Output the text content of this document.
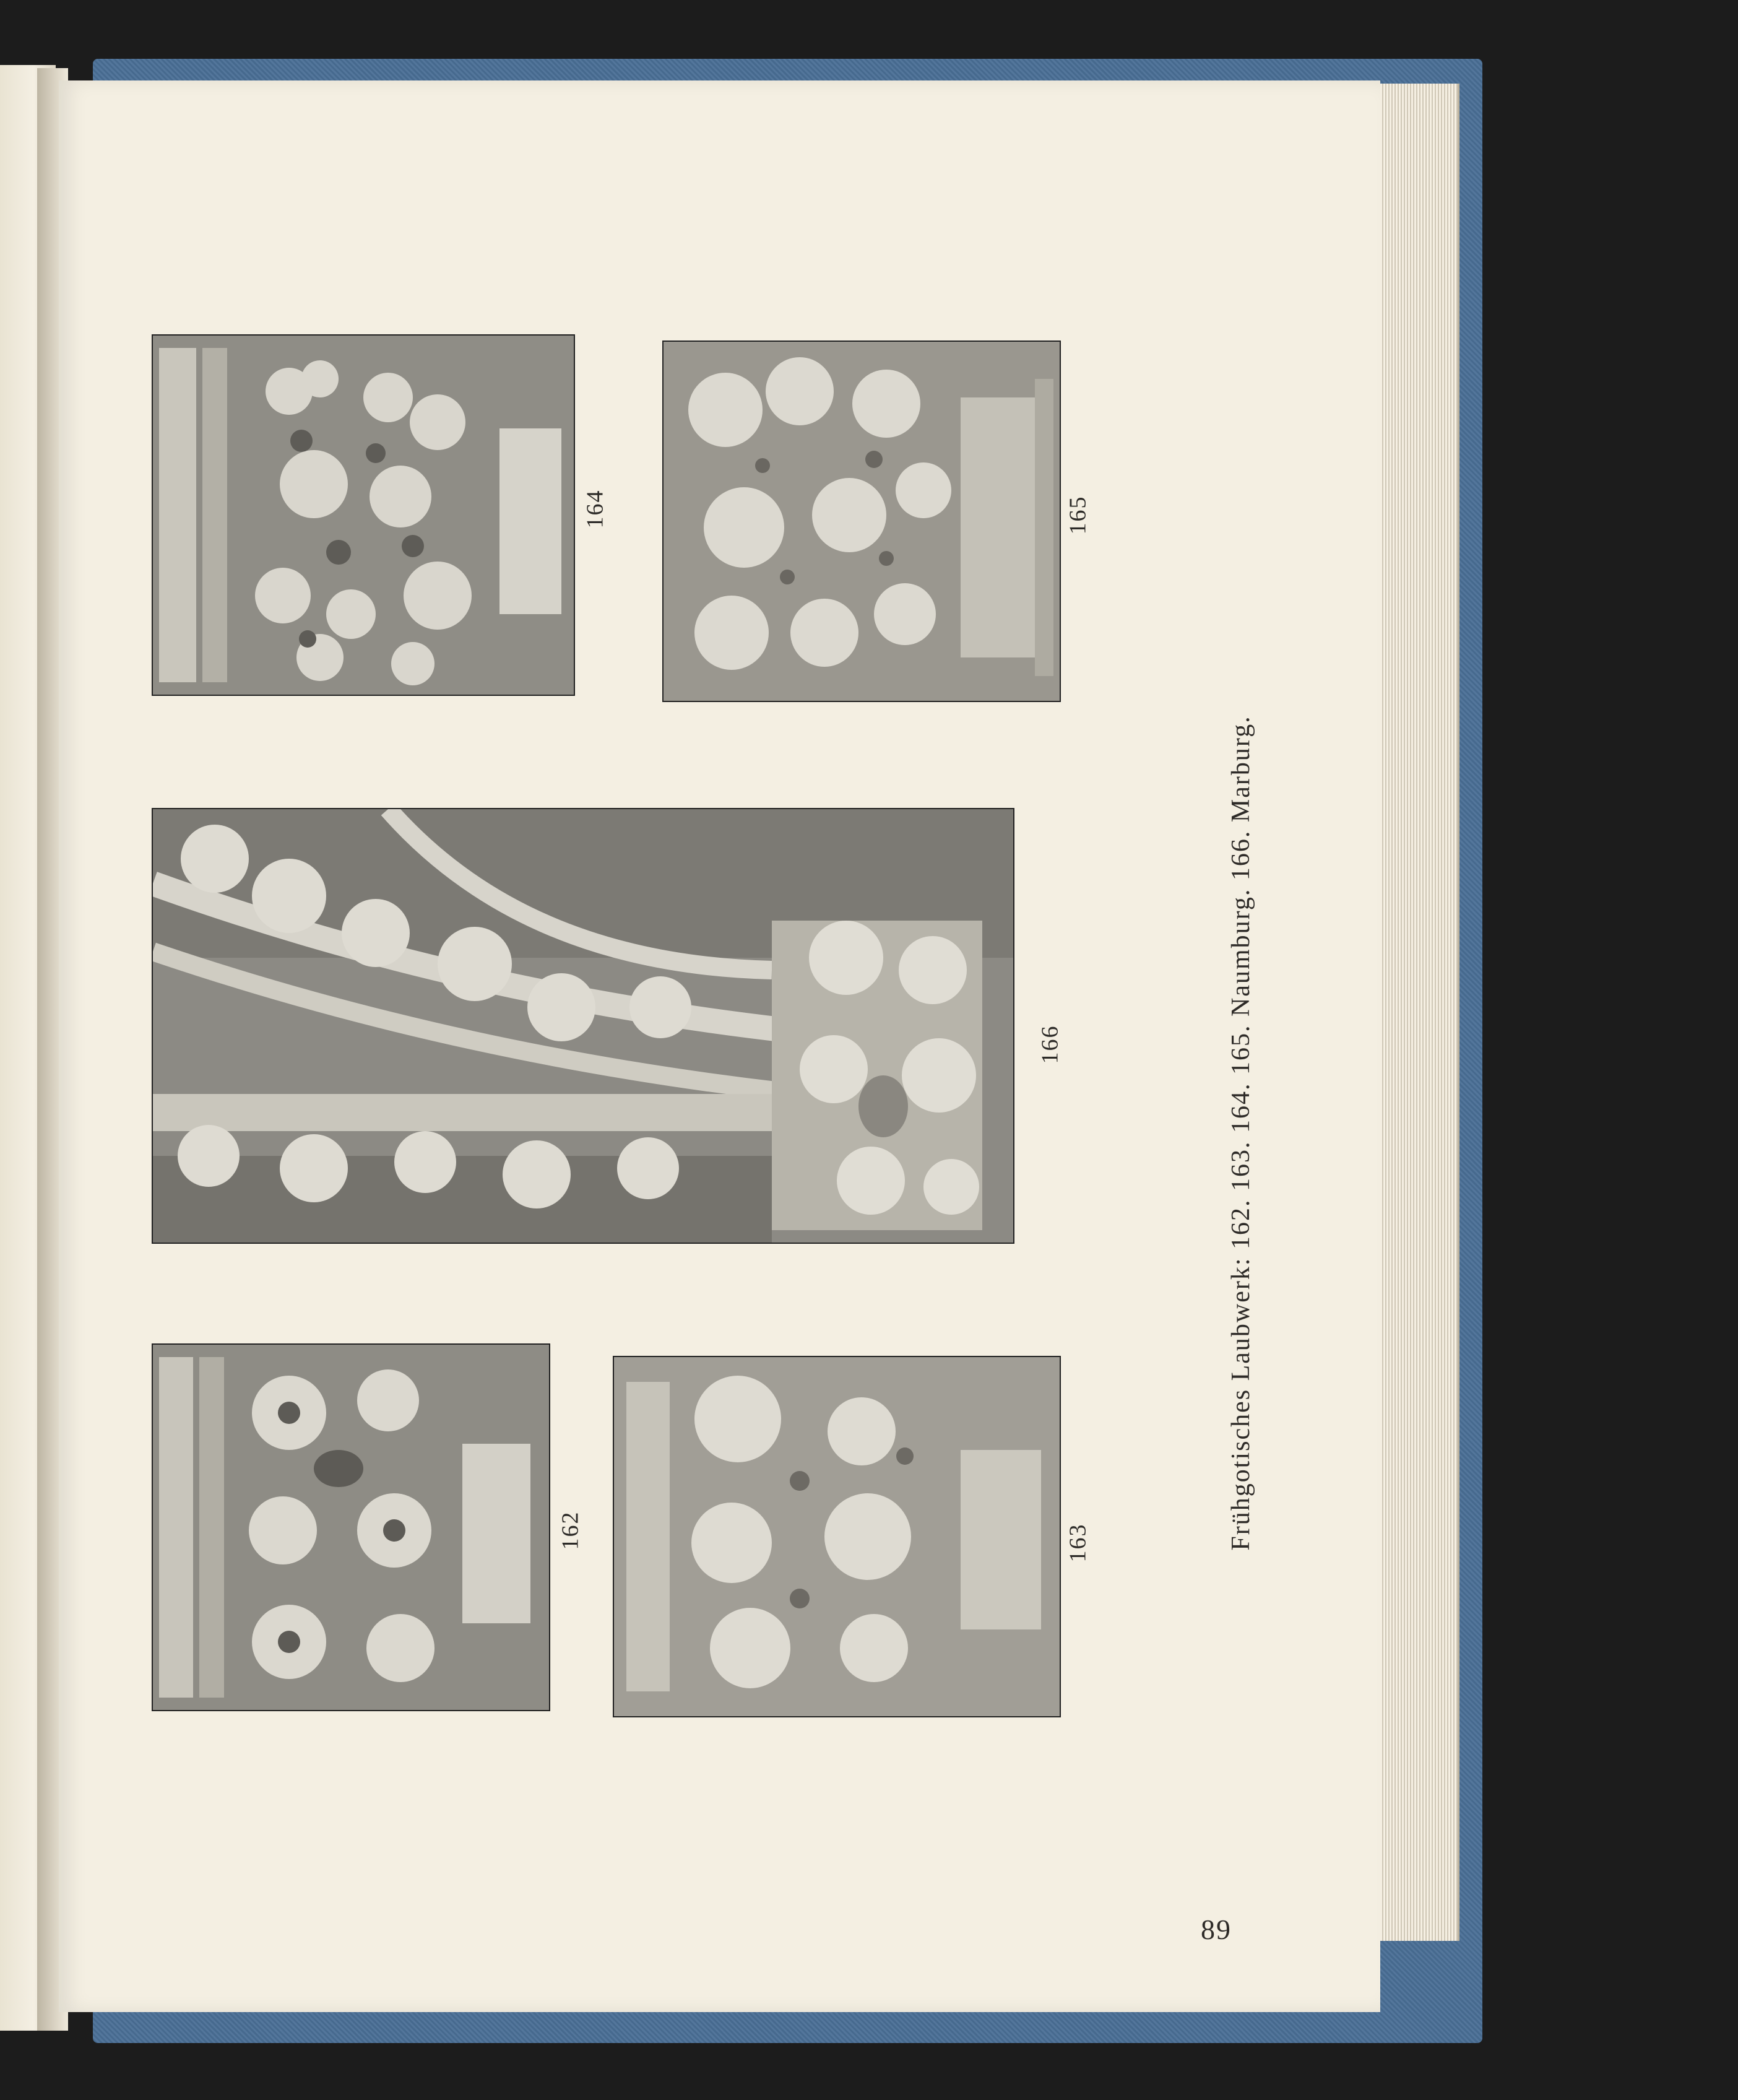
164	165
166
162	163	Frühgotisches Laubwerk: 162. 163. 164. 165. Naumburg. 166. Marburg.
89
